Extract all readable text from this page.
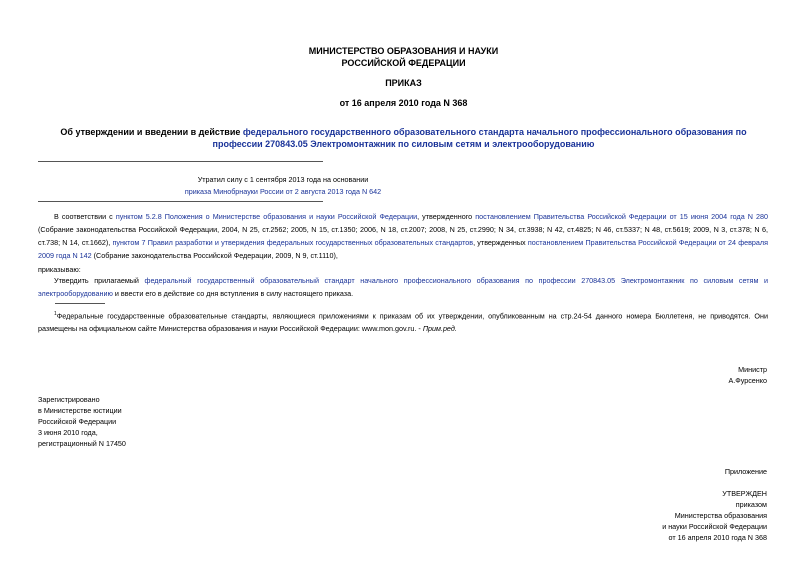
МИНИСТЕРСТВО ОБРАЗОВАНИЯ И НАУКИ
РОССИЙСКОЙ ФЕДЕРАЦИИ
ПРИКАЗ
от 16 апреля 2010 года N 368
Об утверждении и введении в действие федерального государственного образовательного стандарта начального профессионального образования по
профессии 270843.05 Электромонтажник по силовым сетям и электрооборудованию
Утратил силу с 1 сентября 2013 года на основании
приказа Минобрнауки России от 2 августа 2013 года N 642
В соответствии с пунктом 5.2.8 Положения о Министерстве образования и науки Российской Федерации, утвержденного постановлением Правительства Российской Федерации от 15 июня 2004 года N 280 (Собрание законодательства Российской Федерации, 2004, N 25, ст.2562; 2005, N 15, ст.1350; 2006, N 18, ст.2007; 2008, N 25, ст.2990; N 34, ст.3938; N 42, ст.4825; N 46, ст.5337; N 48, ст.5619; 2009, N 3, ст.378; N 6, ст.738; N 14, ст.1662), пунктом 7 Правил разработки и утверждения федеральных государственных образовательных стандартов, утвержденных постановлением Правительства Российской Федерации от 24 февраля 2009 года N 142 (Собрание законодательства Российской Федерации, 2009, N 9, ст.1110),
приказываю:
Утвердить прилагаемый федеральный государственный образовательный стандарт начального профессионального образования по профессии 270843.05 Электромонтажник по силовым сетям и электрооборудованию и ввести его в действие со дня вступления в силу настоящего приказа.
$^1$Федеральные государственные образовательные стандарты, являющиеся приложениями к приказам об их утверждении, опубликованным на стр.24-54 данного номера Бюллетеня, не приводятся. Они размещены на официальном сайте Министерства образования и науки Российской Федерации: www.mon.gov.ru. - Прим.ред.
Министр
А.Фурсенко
Зарегистрировано
в Министерстве юстиции
Российской Федерации
3 июня 2010 года,
регистрационный N 17450
Приложение
УТВЕРЖДЕН
приказом
Министерства образования
и науки Российской Федерации
от 16 апреля 2010 года N 368
